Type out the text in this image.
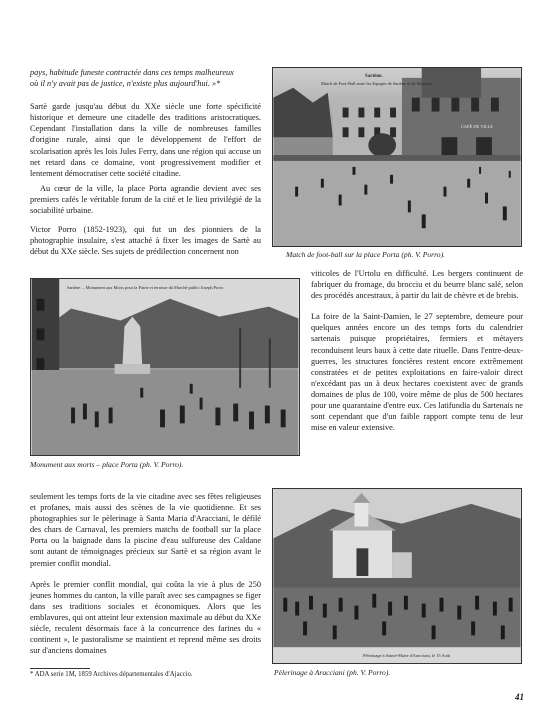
pays, habitude funeste contractée dans ces temps malheureux
où il n'y avait pas de justice, n'existe plus aujourd'hui. »*

Sartè garde jusqu'au début du XXe siècle une forte spécificité historique et demeure une citadelle des traditions aristocratiques. Cependant l'installation dans la ville de nombreuses familles d'origine rurale, ainsi que le développement de l'effort de scolarisation après les lois Jules Ferry, dans une région qui accuse un net retard dans ce domaine, vont progressivement modifier et lentement démocratiser cette société citadine.

Au cœur de la ville, la place Porta agrandie devient avec ses premiers cafés le véritable forum de la cité et le lieu privilégié de la sociabilité urbaine.

Victor Porro (1852-1923), qui fut un des pionniers de la photographie insulaire, s'est attaché à fixer les images de Sartè au début du XXe siècle. Ses sujets de prédilection concernent non

Sartène.
Match de Foot-Ball entre les Equipes de Sartène et de Monacia
CAFÉ DE VILLE
Match de foot-ball sur la place Porta (ph. V. Porro).
Sartène. – Monument aux Morts pour la Patrie et terrasse du Marché public Joseph Porro
Monument aux morts – place Porta (ph. V. Porro).

viticoles de l'Urtolu en difficulté. Les bergers continuent de fabriquer du fromage, du brocciu et du beurre blanc salé, selon des procédés ancestraux, à partir du lait de chèvre et de brebis.

La foire de la Saint-Damien, le 27 septembre, demeure pour quelques années encore un des temps forts du calendrier sartenais puisque propriétaires, fermiers et métayers reconduisent leurs baux à cette date rituelle. Dans l'entre-deux-guerres, les structures foncières restent encore extrêmement constratées et de petites exploitations en faire-valoir direct n'excédant pas un à deux hectares coexistent avec de grands domaines de plus de 100, voire même de plus de 500 hectares pour une quarantaine d'entre eux. Ces latifundia du Sartenais ne sont cependant que d'un faible rapport compte tenu de leur mise en valeur extensive.

seulement les temps forts de la vie citadine avec ses fêtes religieuses et profanes, mais aussi des scènes de la vie quotidienne. Et ses photographies sur le pèlerinage à Santa Maria d'Aracciani, le défilé des chars de Carnaval, les premiers matchs de football sur la place Porta ou la baignade dans la piscine d'eau sulfureuse des Caldane sont autant de témoignages précieux sur Sartè et sa région avant le premier conflit mondial.

Après le premier conflit mondial, qui coûta la vie à plus de 250 jeunes hommes du canton, la ville paraît avec ses campagnes se figer dans ses traditions sociales et économiques. Alors que les emblavures, qui ont atteint leur extension maximale au début du XXe siècle, reculent désormais face à la concurrence des farines du « continent », le pastoralisme se maintient et reprend même ses droits sur d'anciens domaines

Pèlerinage à Sainte-Marie d'Aracciani, le 15 Août
Pèlerinage à Aracciani (ph. V. Porro).
* ADA serie 1M, 1859 Archives départementales d'Ajaccio.
41
